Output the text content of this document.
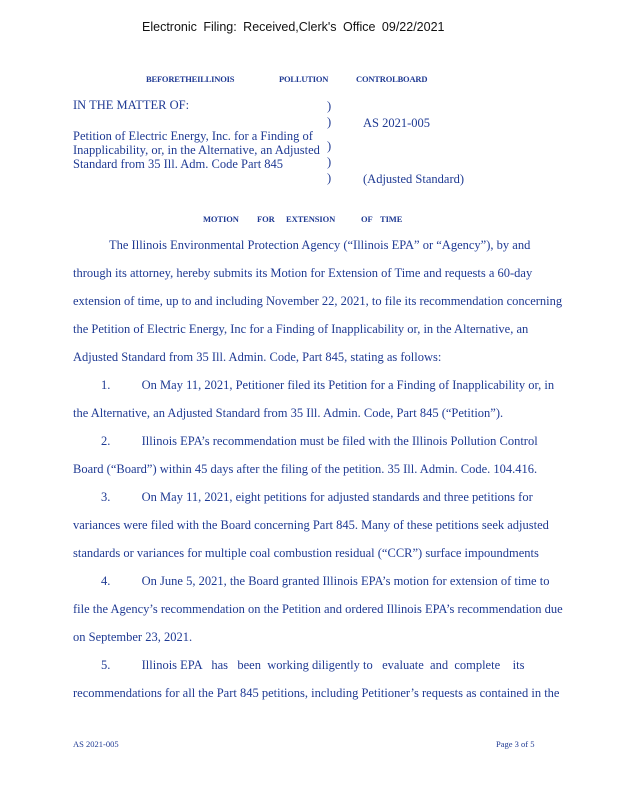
Electronic Filing: Received,Clerk's Office 09/22/2021
BEFORETHEILLINOIS	POLLUTION	CONTROLBOARD
IN THE MATTER OF:
Petition of Electric Energy, Inc. for a Finding of
Inapplicability, or, in the Alternative, an Adjusted
Standard from 35 Ill. Adm. Code Part 845
)
)
)
)
)
AS 2021-005
(Adjusted Standard)
MOTION FOR EXTENSION	OF TIME
The Illinois Environmental Protection Agency (“Illinois EPA” or “Agency”), by and
through its attorney, hereby submits its Motion for Extension of Time and requests a 60-day
extension of time, up to and including November 22, 2021, to file its recommendation concerning
the Petition of Electric Energy, Inc for a Finding of Inapplicability or, in the Alternative, an
Adjusted Standard from 35 Ill. Admin. Code, Part 845, stating as follows:
1.          On May 11, 2021, Petitioner filed its Petition for a Finding of Inapplicability or, in
the Alternative, an Adjusted Standard from 35 Ill. Admin. Code, Part 845 (“Petition”).
2.          Illinois EPA’s recommendation must be filed with the Illinois Pollution Control
Board (“Board”) within 45 days after the filing of the petition. 35 Ill. Admin. Code. 104.416.
3.          On May 11, 2021, eight petitions for adjusted standards and three petitions for
variances were filed with the Board concerning Part 845. Many of these petitions seek adjusted
standards or variances for multiple coal combustion residual (“CCR”) surface impoundments
4.          On June 5, 2021, the Board granted Illinois EPA’s motion for extension of time to
file the Agency’s recommendation on the Petition and ordered Illinois EPA’s recommendation due
on September 23, 2021.
5.          Illinois EPA   has   been  working diligently to   evaluate  and  complete    its
recommendations for all the Part 845 petitions, including Petitioner’s requests as contained in the
AS 2021-005	Page 3 of 5
